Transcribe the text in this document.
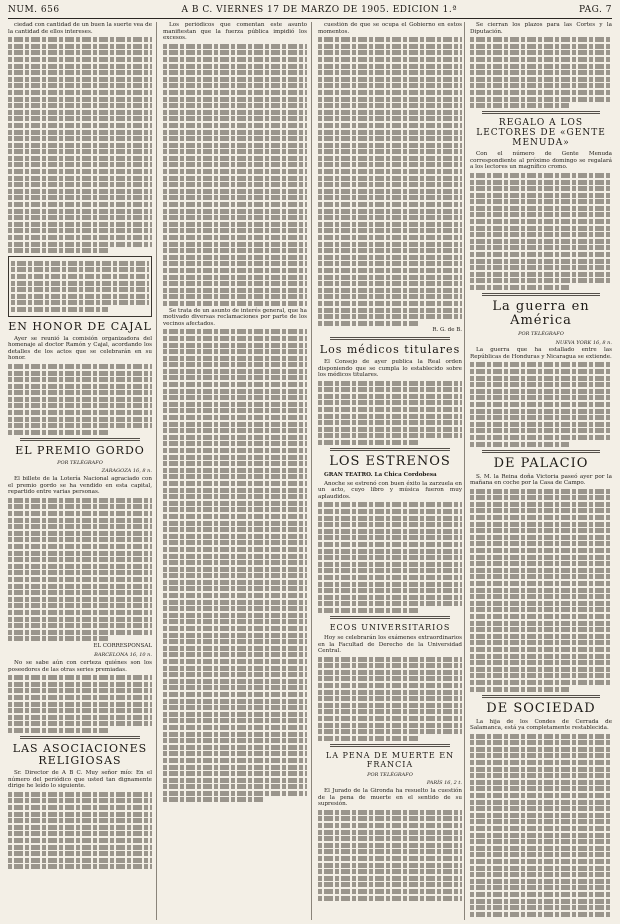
NUM. 656	A B C. VIERNES 17 DE MARZO DE 1905. EDICION 1.ª	PAG. 7

ciedad con cantidad de un buen la suerte vea de la cantidad de ellos intereses.

EN HONOR DE CAJAL

Ayer se reunió la comisión organizadora del homenaje al doctor Ramón y Cajal, acordando los detalles de los actos que se celebrarán en su honor.

EL PREMIO GORDO
POR TELÉGRAFO
ZARAGOZA 16, 8 n.

El billete de la Lotería Nacional agraciado con el premio gordo se ha vendido en esta capital, repartido entre varias personas.

EL CORRESPONSAL
BARCELONA 16, 10 n.

No se sabe aún con certeza quiénes son los poseedores de las otras series premiadas.

LAS ASOCIACIONES RELIGIOSAS

Sr. Director de A B C. Muy señor mío: En el número del periódico que usted tan dignamente dirige he leído lo siguiente.

Los periódicos que comentan este asunto manifiestan que la fuerza pública impidió los excesos.

Se trata de un asunto de interés general, que ha motivado diversas reclamaciones por parte de los vecinos afectados.

cuestión de que se ocupa el Gobierno en estos momentos.

R. G. de B.
Los médicos titulares

El Consejo de ayer publica la Real orden disponiendo que se cumpla lo establecido sobre los médicos titulares.

LOS ESTRENOS

GRAN TEATRO. La Chica Cordobesa

Anoche se estrenó con buen éxito la zarzuela en un acto, cuyo libro y música fueron muy aplaudidos.

ECOS UNIVERSITARIOS

Hoy se celebrarán los exámenes extraordinarios en la Facultad de Derecho de la Universidad Central.

LA PENA DE MUERTE EN FRANCIA
POR TELÉGRAFO
PARÍS 16, 2 t.

El Jurado de la Gironda ha resuelto la cuestión de la pena de muerte en el sentido de su supresión.

Se cierran los plazos para las Cortes y la Diputación.

REGALO A LOS LECTORES DE «GENTE MENUDA»

Con el número de Gente Menuda correspondiente al próximo domingo se regalará a los lectores un magnífico cromo.

La guerra en América
POR TELÉGRAFO
NUEVA YORK 16, 8 n.

La guerra que ha estallado entre las Repúblicas de Honduras y Nicaragua se extiende.

DE PALACIO

S. M. la Reina doña Victoria paseó ayer por la mañana en coche por la Casa de Campo.

DE SOCIEDAD

La hija de los Condes de Cerrada de Salamanca, está ya completamente restablecida.
